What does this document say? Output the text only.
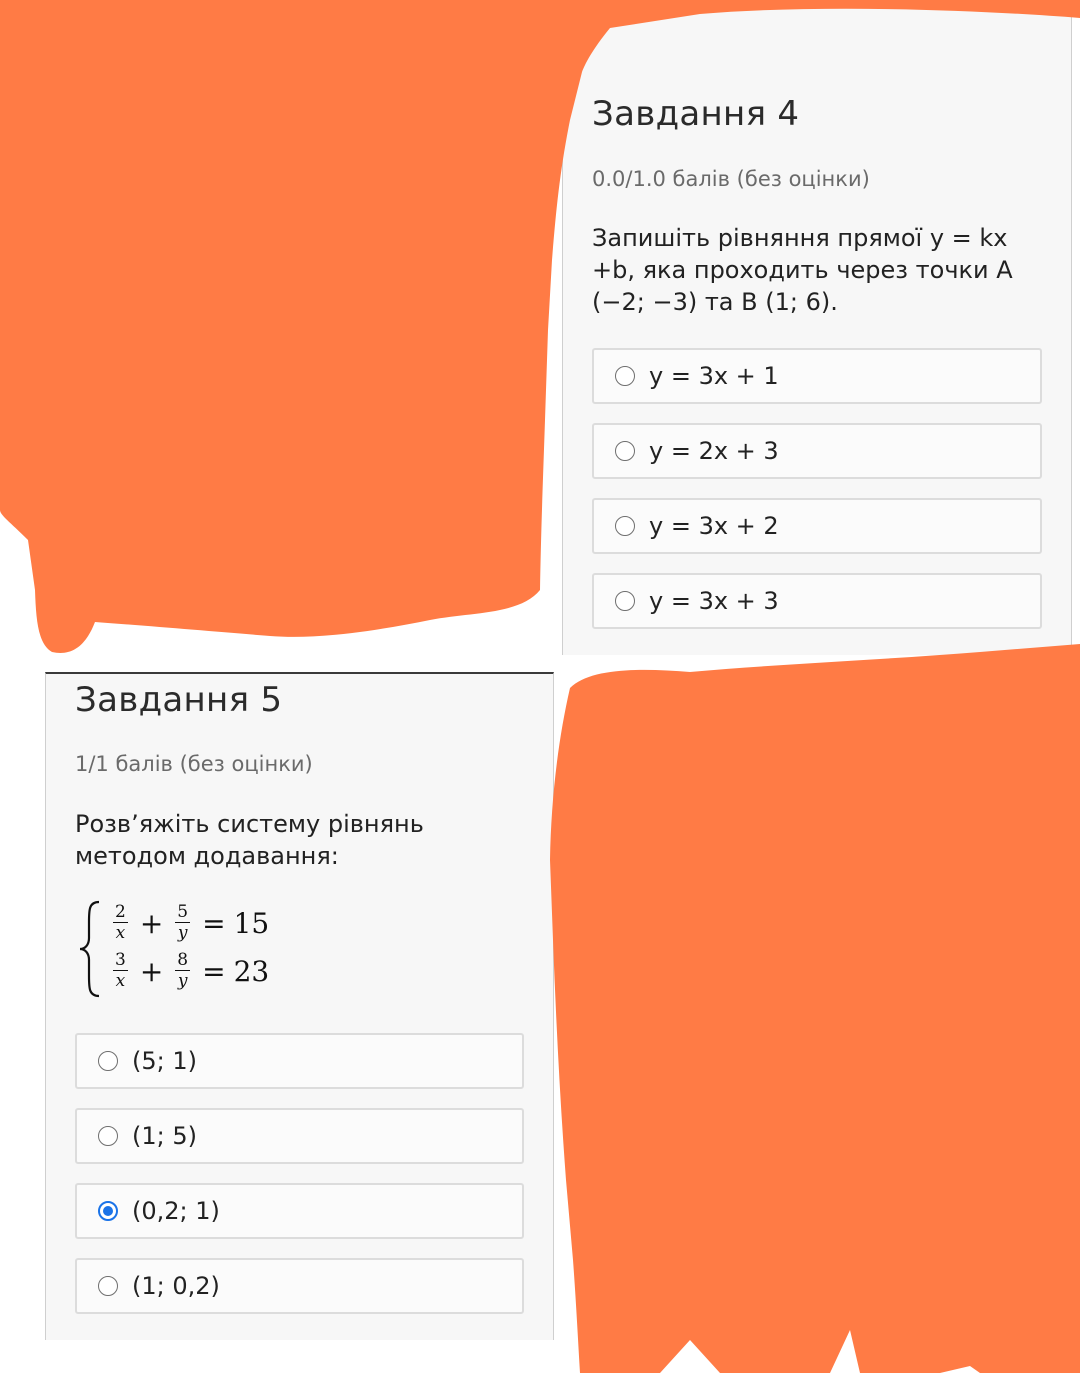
Завдання 4
0.0/1.0 балів (без оцінки)
Запишіть рівняння прямої y = kx +b, яка проходить через точки A (−2; −3) та B (1; 6).
y = 3x + 1
y = 2x + 3
y = 3x + 2
y = 3x + 3
Завдання 5
1/1 балів (без оцінки)
Розв’яжіть систему рівнянь методом додавання:
$\frac{2}{x} + \frac{5}{y} = 15$
$\frac{3}{x} + \frac{8}{y} = 23$
(5; 1)
(1; 5)
(0,2; 1)
(1; 0,2)
